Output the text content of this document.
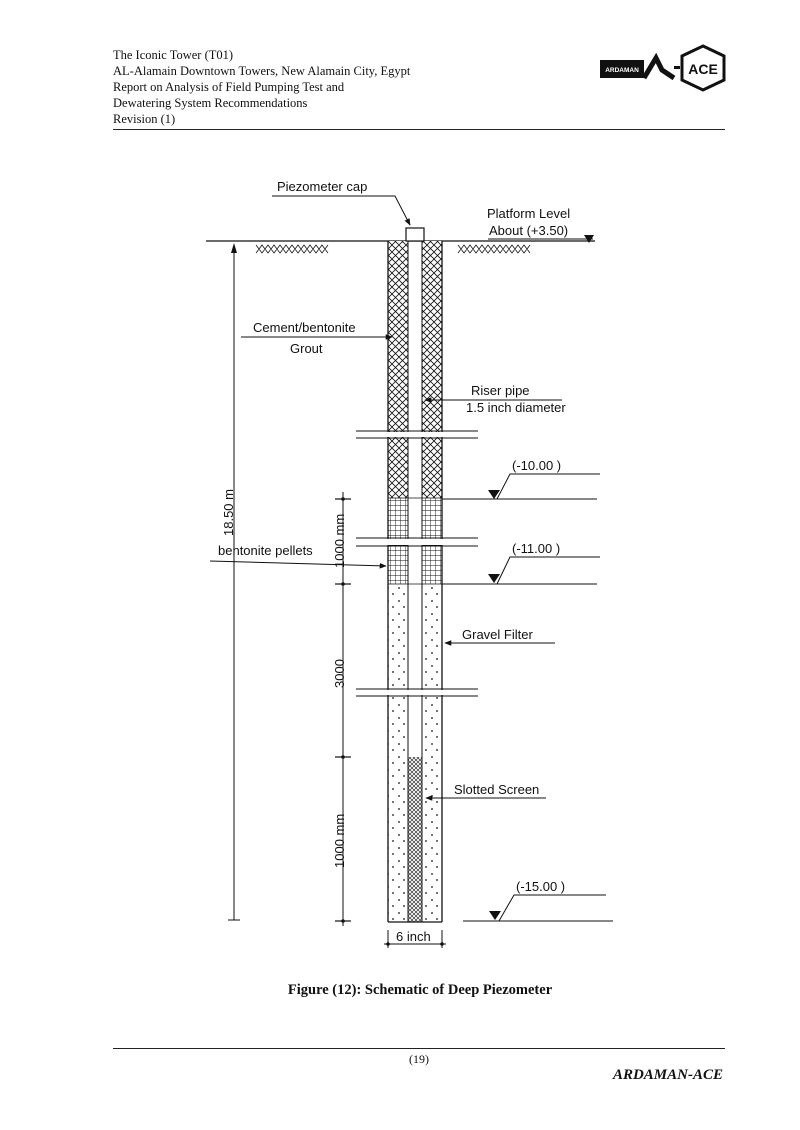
The Iconic Tower (T01)
AL-Alamain Downtown Towers, New Alamain City, Egypt
Report on Analysis of Field Pumping Test and
Dewatering System Recommendations
Revision (1)
ARDAMAN	ACE
Piezometer cap
Platform Level
About (+3.50)
Cement/bentonite
Grout
Riser pipe
1.5 inch diameter
(-10.00 )
(-11.00 )
(-15.00 )
18.50 m
bentonite pellets 1000 mm
3000
1000 mm
Gravel Filter
Slotted Screen
6 inch
Figure (12): Schematic of Deep Piezometer
(19)
ARDAMAN-ACE
